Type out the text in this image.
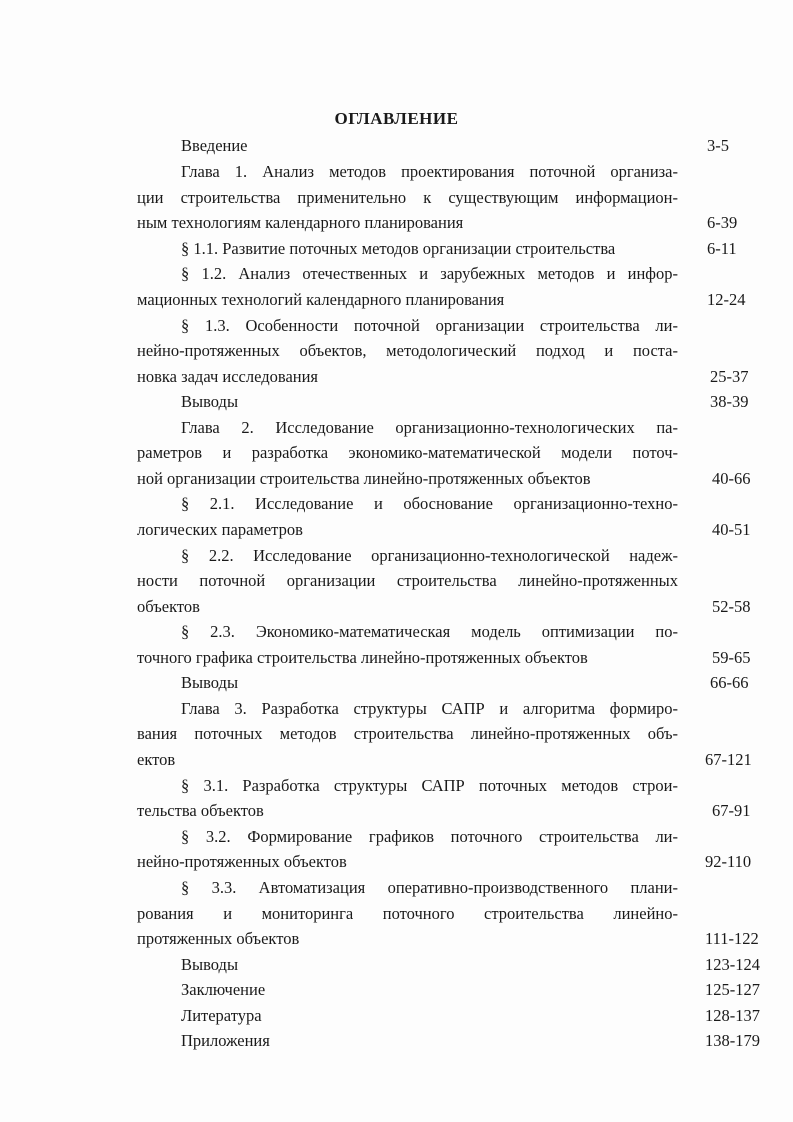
ОГЛАВЛЕНИЕ
Введение	3-5
Глава 1. Анализ методов проектирования поточной организа-
ции строительства применительно к существующим информацион-
ным технологиям календарного планирования	6-39
§ 1.1. Развитие поточных методов организации строительства	6-11
§ 1.2. Анализ отечественных и зарубежных методов и инфор-
мационных технологий календарного планирования	12-24
§ 1.3. Особенности поточной организации строительства ли-
нейно-протяженных объектов, методологический подход и поста-
новка задач исследования	25-37
Выводы	38-39
Глава 2. Исследование организационно-технологических па-
раметров и разработка экономико-математической модели поточ-
ной организации строительства линейно-протяженных объектов	40-66
§ 2.1. Исследование и обоснование организационно-техно-
логических параметров	40-51
§ 2.2. Исследование организационно-технологической надеж-
ности поточной организации строительства линейно-протяженных
объектов	52-58
§ 2.3. Экономико-математическая модель оптимизации по-
точного графика строительства линейно-протяженных объектов	59-65
Выводы	66-66
Глава 3. Разработка структуры САПР и алгоритма формиро-
вания поточных методов строительства линейно-протяженных объ-
ектов	67-121
§ 3.1. Разработка структуры САПР поточных методов строи-
тельства объектов	67-91
§ 3.2. Формирование графиков поточного строительства ли-
нейно-протяженных объектов	92-110
§ 3.3. Автоматизация оперативно-производственного плани-
рования и мониторинга поточного строительства линейно-
протяженных объектов	111-122
Выводы	123-124
Заключение	125-127
Литература	128-137
Приложения	138-179
